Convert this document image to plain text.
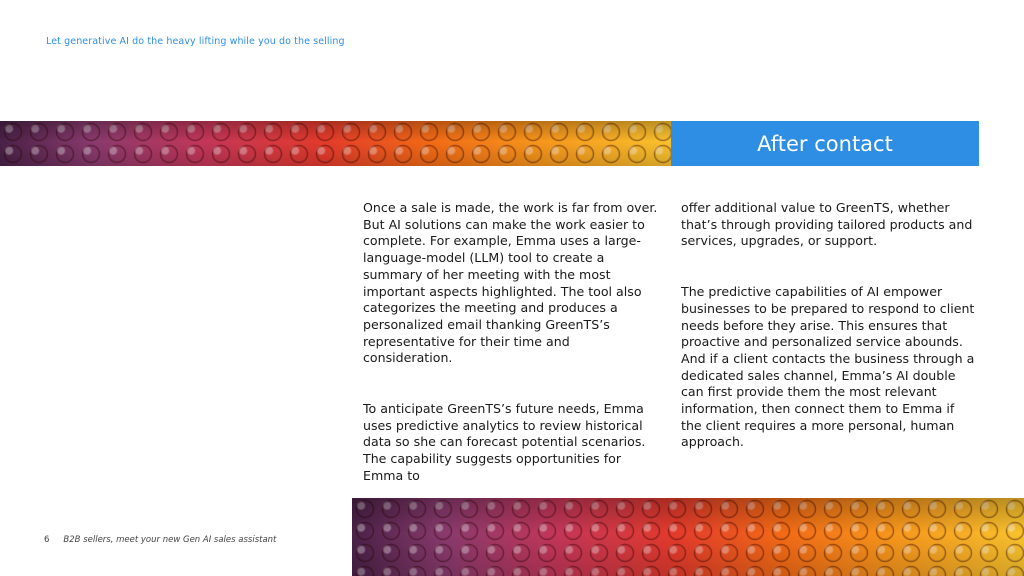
Let generative AI do the heavy lifting while you do the selling
After contact

Once a sale is made, the work is far from over. But AI solutions can make the work easier to complete. For example, Emma uses a large-language-model (LLM) tool to create a summary of her meeting with the most important aspects highlighted. The tool also categorizes the meeting and produces a personalized email thanking GreenTS’s representative for their time and consideration.

To anticipate GreenTS’s future needs, Emma uses predictive analytics to review historical data so she can forecast potential scenarios. The capability suggests opportunities for Emma to

offer additional value to GreenTS, whether that’s through providing tailored products and services, upgrades, or support.

The predictive capabilities of AI empower businesses to be prepared to respond to client needs before they arise. This ensures that proactive and personalized service abounds. And if a client contacts the business through a dedicated sales channel, Emma’s AI double can first provide them the most relevant information, then connect them to Emma if the client requires a more personal, human approach.

6 B2B sellers, meet your new Gen AI sales assistant
